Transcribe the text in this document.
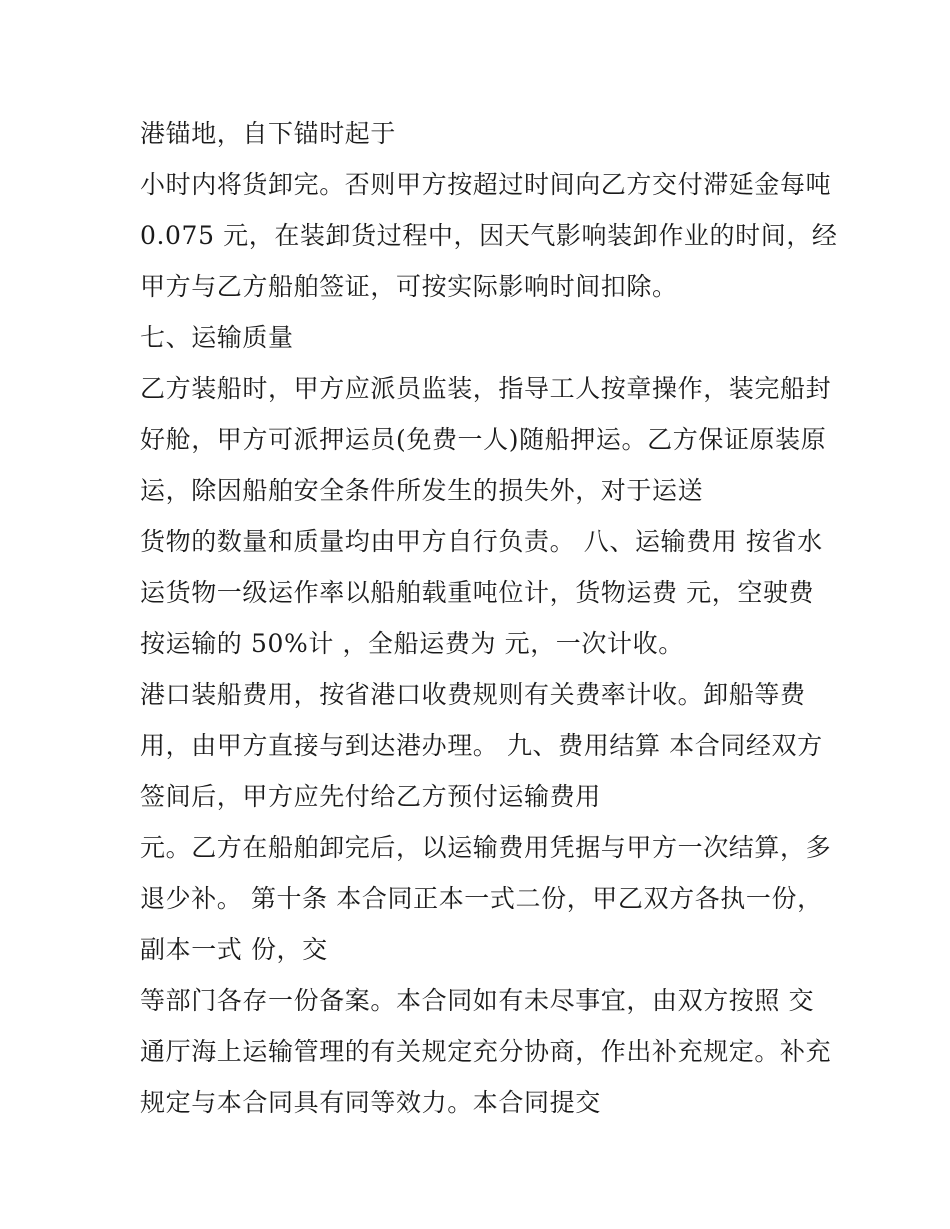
港锚地，自下锚时起于
小时内将货卸完。否则甲方按超过时间向乙方交付滞延金每吨
0.075 元，在装卸货过程中，因天气影响装卸作业的时间，经
甲方与乙方船舶签证，可按实际影响时间扣除。
七、运输质量
乙方装船时，甲方应派员监装，指导工人按章操作，装完船封
好舱，甲方可派押运员(免费一人)随船押运。乙方保证原装原
运，除因船舶安全条件所发生的损失外，对于运送
货物的数量和质量均由甲方自行负责。 八、运输费用 按省水
运货物一级运作率以船舶载重吨位计，货物运费 元，空驶费
按运输的 50%计 ，全船运费为 元，一次计收。
港口装船费用，按省港口收费规则有关费率计收。卸船等费
用，由甲方直接与到达港办理。 九、费用结算 本合同经双方
签间后，甲方应先付给乙方预付运输费用
元。乙方在船舶卸完后，以运输费用凭据与甲方一次结算，多
退少补。 第十条 本合同正本一式二份，甲乙双方各执一份，
副本一式 份，交
等部门各存一份备案。本合同如有未尽事宜，由双方按照 交
通厅海上运输管理的有关规定充分协商，作出补充规定。补充
规定与本合同具有同等效力。本合同提交
